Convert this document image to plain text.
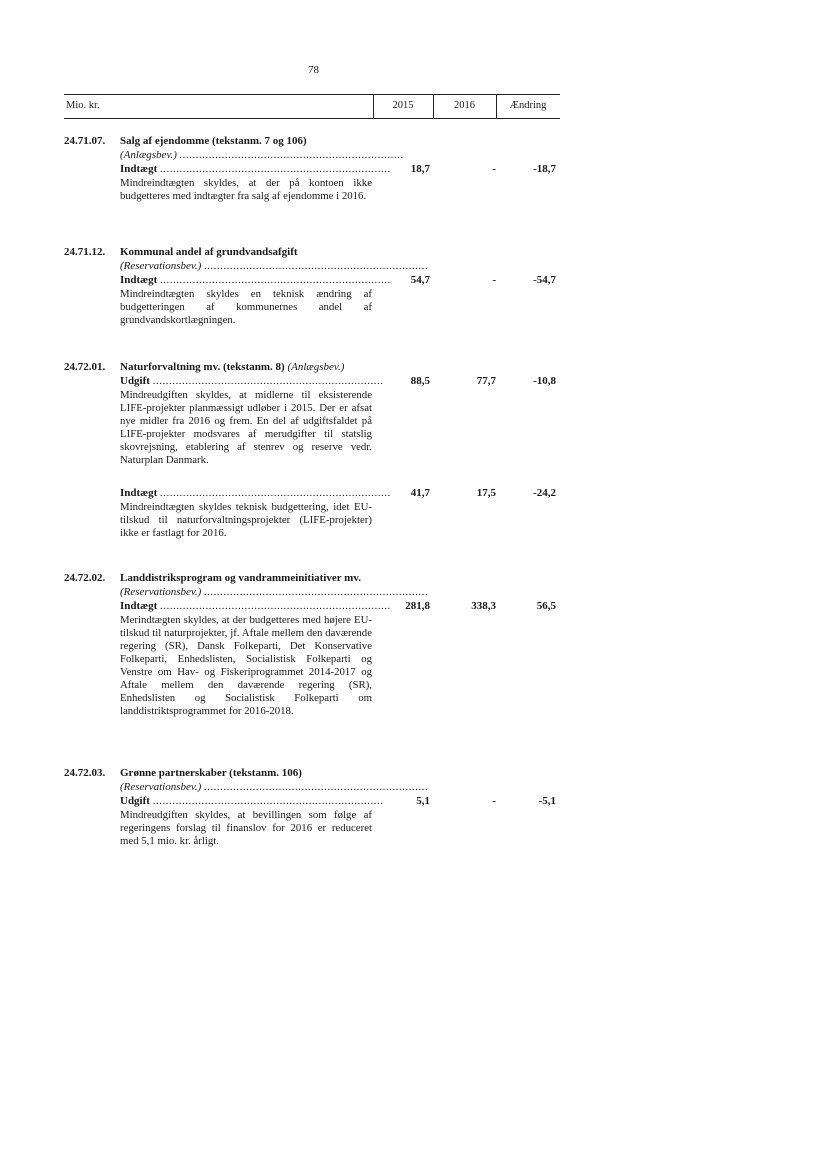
78
Mio. kr.	2015	2016	Ændring
24.71.07.	Salg af ejendomme (tekstanm. 7 og 106)
(Anlægsbev.) .....................................................................
Indtægt .......................................................................	18,7	-	-18,7
Mindreindtægten skyldes, at der på kontoen ikke budgetteres med indtægter fra salg af ejendomme i 2016.
24.71.12.	Kommunal andel af grundvandsafgift
(Reservationsbev.) .....................................................................
Indtægt .......................................................................	54,7	-	-54,7
Mindreindtægten skyldes en teknisk ændring af budgetteringen af kommunernes andel af grundvandskortlægningen.
24.72.01.	Naturforvaltning mv. (tekstanm. 8) (Anlægsbev.)
Udgift .......................................................................	88,5	77,7	-10,8
Mindreudgiften skyldes, at midlerne til eksisterende LIFE-projekter planmæssigt udløber i 2015. Der er afsat nye midler fra 2016 og frem. En del af udgiftsfaldet på LIFE-projekter modsvares af merudgifter til statslig skovrejsning, etablering af stenrev og reserve vedr. Naturplan Danmark.
Indtægt .......................................................................	41,7	17,5	-24,2
Mindreindtægten skyldes teknisk budgettering, idet EU-tilskud til naturforvaltningsprojekter (LIFE-projekter) ikke er fastlagt for 2016.
24.72.02.	Landdistriksprogram og vandrammeinitiativer mv.
(Reservationsbev.) .....................................................................
Indtægt .......................................................................	281,8	338,3	56,5
Merindtægten skyldes, at der budgetteres med højere EU-tilskud til naturprojekter, jf. Aftale mellem den daværende regering (SR), Dansk Folkeparti, Det Konservative Folkeparti, Enhedslisten, Socialistisk Folkeparti og Venstre om Hav- og Fiskeriprogrammet 2014-2017 og Aftale mellem den daværende regering (SR), Enhedslisten og Socialistisk Folkeparti om landdistriktsprogrammet for 2016-2018.
24.72.03.	Grønne partnerskaber (tekstanm. 106)
(Reservationsbev.) .....................................................................
Udgift .......................................................................	5,1	-	-5,1
Mindreudgiften skyldes, at bevillingen som følge af regeringens forslag til finanslov for 2016 er reduceret med 5,1 mio. kr. årligt.
